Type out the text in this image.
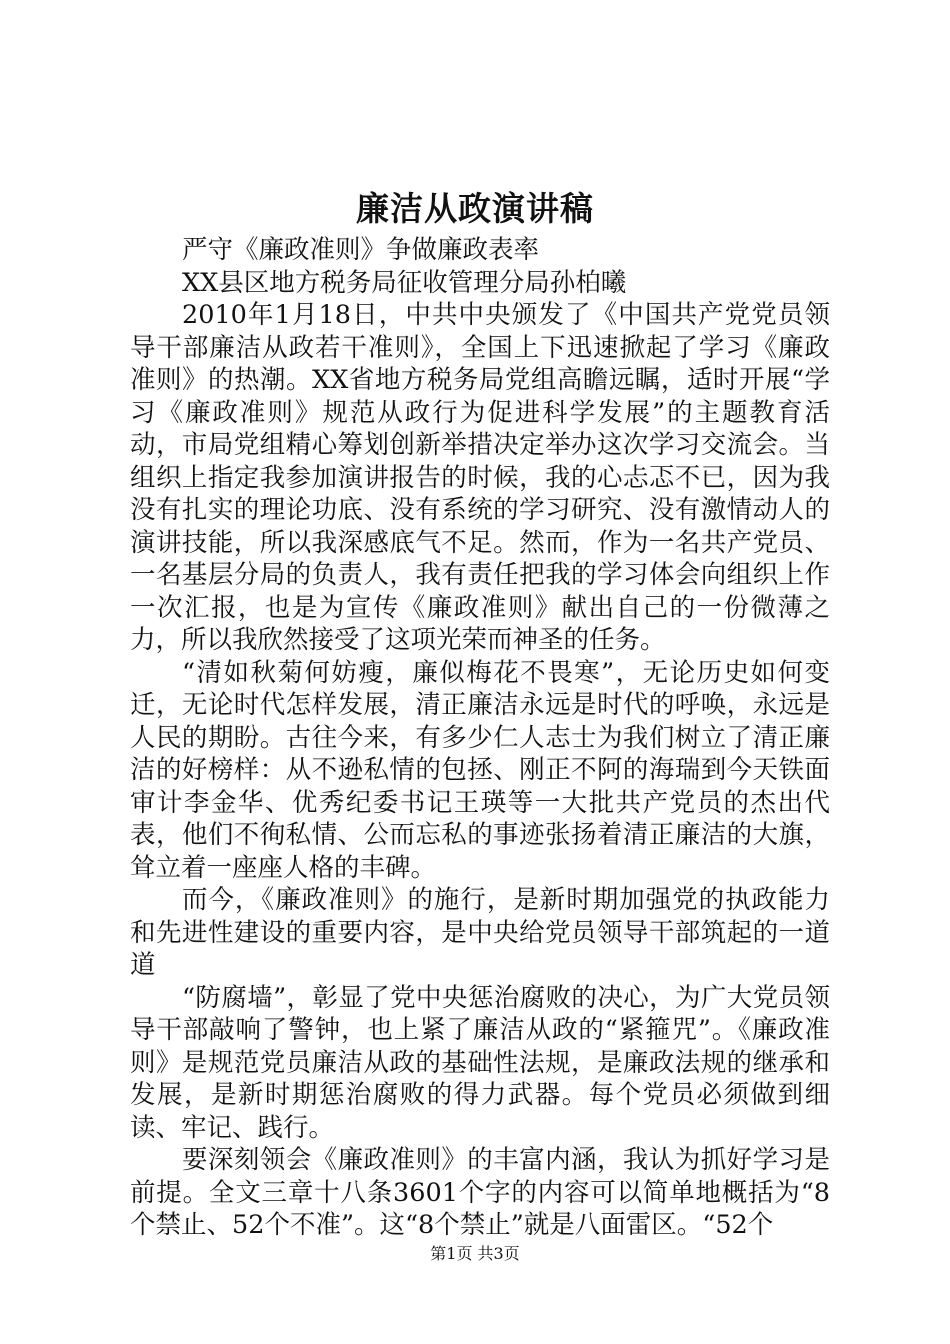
廉洁从政演讲稿

严守《廉政准则》争做廉政表率

XX县区地方税务局征收管理分局孙柏曦

2010年1月18日，中共中央颁发了《中国共产党党员领导干部廉洁从政若干准则》，全国上下迅速掀起了学习《廉政准则》的热潮。XX省地方税务局党组高瞻远瞩，适时开展“学习《廉政准则》规范从政行为促进科学发展”的主题教育活动，市局党组精心筹划创新举措决定举办这次学习交流会。当组织上指定我参加演讲报告的时候，我的心忐忑不已，因为我没有扎实的理论功底、没有系统的学习研究、没有激情动人的演讲技能，所以我深感底气不足。然而，作为一名共产党员、一名基层分局的负责人，我有责任把我的学习体会向组织上作一次汇报，也是为宣传《廉政准则》献出自己的一份微薄之力，所以我欣然接受了这项光荣而神圣的任务。

“清如秋菊何妨瘦，廉似梅花不畏寒”，无论历史如何变迁，无论时代怎样发展，清正廉洁永远是时代的呼唤，永远是人民的期盼。古往今来，有多少仁人志士为我们树立了清正廉洁的好榜样：从不逊私情的包拯、刚正不阿的海瑞到今天铁面审计李金华、优秀纪委书记王瑛等一大批共产党员的杰出代表，他们不徇私情、公而忘私的事迹张扬着清正廉洁的大旗，耸立着一座座人格的丰碑。

而今，《廉政准则》的施行，是新时期加强党的执政能力和先进性建设的重要内容，是中央给党员领导干部筑起的一道道

“防腐墙”，彰显了党中央惩治腐败的决心，为广大党员领导干部敲响了警钟，也上紧了廉洁从政的“紧箍咒”。《廉政准则》是规范党员廉洁从政的基础性法规，是廉政法规的继承和发展，是新时期惩治腐败的得力武器。每个党员必须做到细读、牢记、践行。

要深刻领会《廉政准则》的丰富内涵，我认为抓好学习是前提。全文三章十八条3601个字的内容可以简单地概括为“8个禁止、52个不准”。这“8个禁止”就是八面雷区。“52个

第1页 共3页
